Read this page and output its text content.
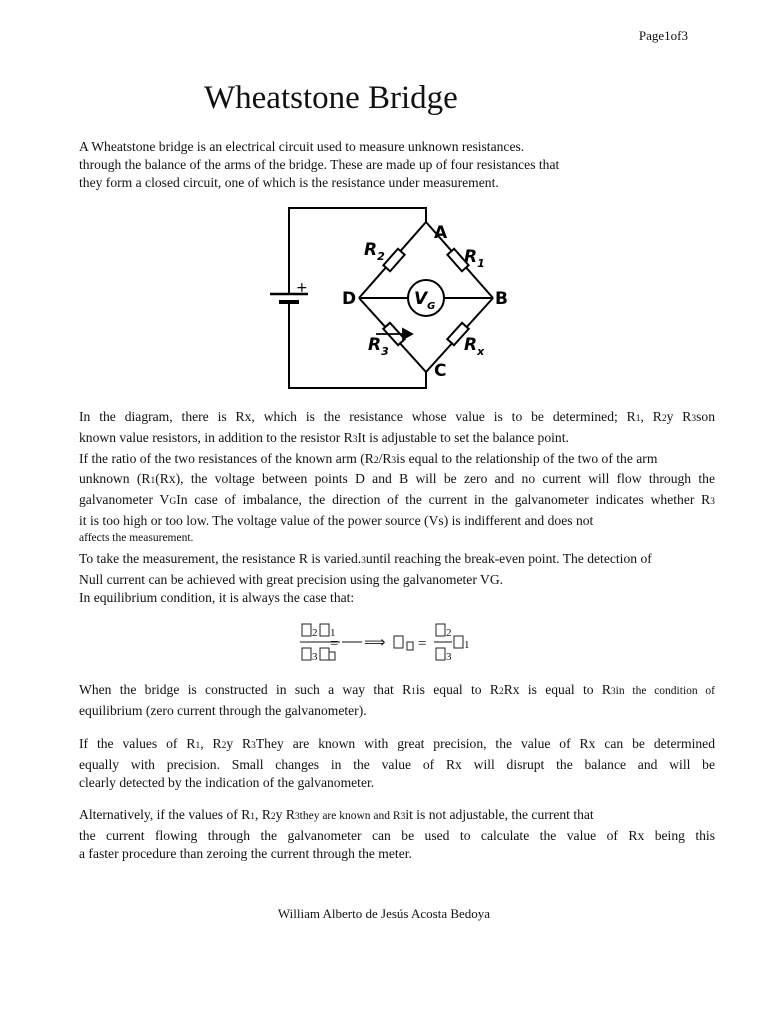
Page1of3
Wheatstone Bridge
A Wheatstone bridge is an electrical circuit used to measure unknown resistances.
through the balance of the arms of the bridge. These are made up of four resistances that
they form a closed circuit, one of which is the resistance under measurement.
A
B
C
D
+
$R_2$	$R_1$
$R_3$	$R_x$
$V_G$
In the diagram, there is Rx, which is the resistance whose value is to be determined; R1, R2y R3son
known value resistors, in addition to the resistor R3It is adjustable to set the balance point.
If the ratio of the two resistances of the known arm (R2/R3is equal to the relationship of the two of the arm
unknown (R1(Rx), the voltage between points D and B will be zero and no current will flow through the
galvanometer VGIn case of imbalance, the direction of the current in the galvanometer indicates whether R3
it is too high or too low. The voltage value of the power source (Vs) is indifferent and does not
affects the measurement.
To take the measurement, the resistance R is varied.3until reaching the break-even point. The detection of
Null current can be achieved with great precision using the galvanometer VG.
In equilibrium condition, it is always the case that:
2 1
3
2
1
3
= ⟹ =
When the bridge is constructed in such a way that R1is equal to R2Rx is equal to R3in the condition of
equilibrium (zero current through the galvanometer).
If the values of R1, R2y R3They are known with great precision, the value of Rx can be determined
equally with precision. Small changes in the value of Rx will disrupt the balance and will be
clearly detected by the indication of the galvanometer.
Alternatively, if the values of R1, R2y R3they are known and R3it is not adjustable, the current that
the current flowing through the galvanometer can be used to calculate the value of Rx being this
a faster procedure than zeroing the current through the meter.
William Alberto de Jesús Acosta Bedoya
